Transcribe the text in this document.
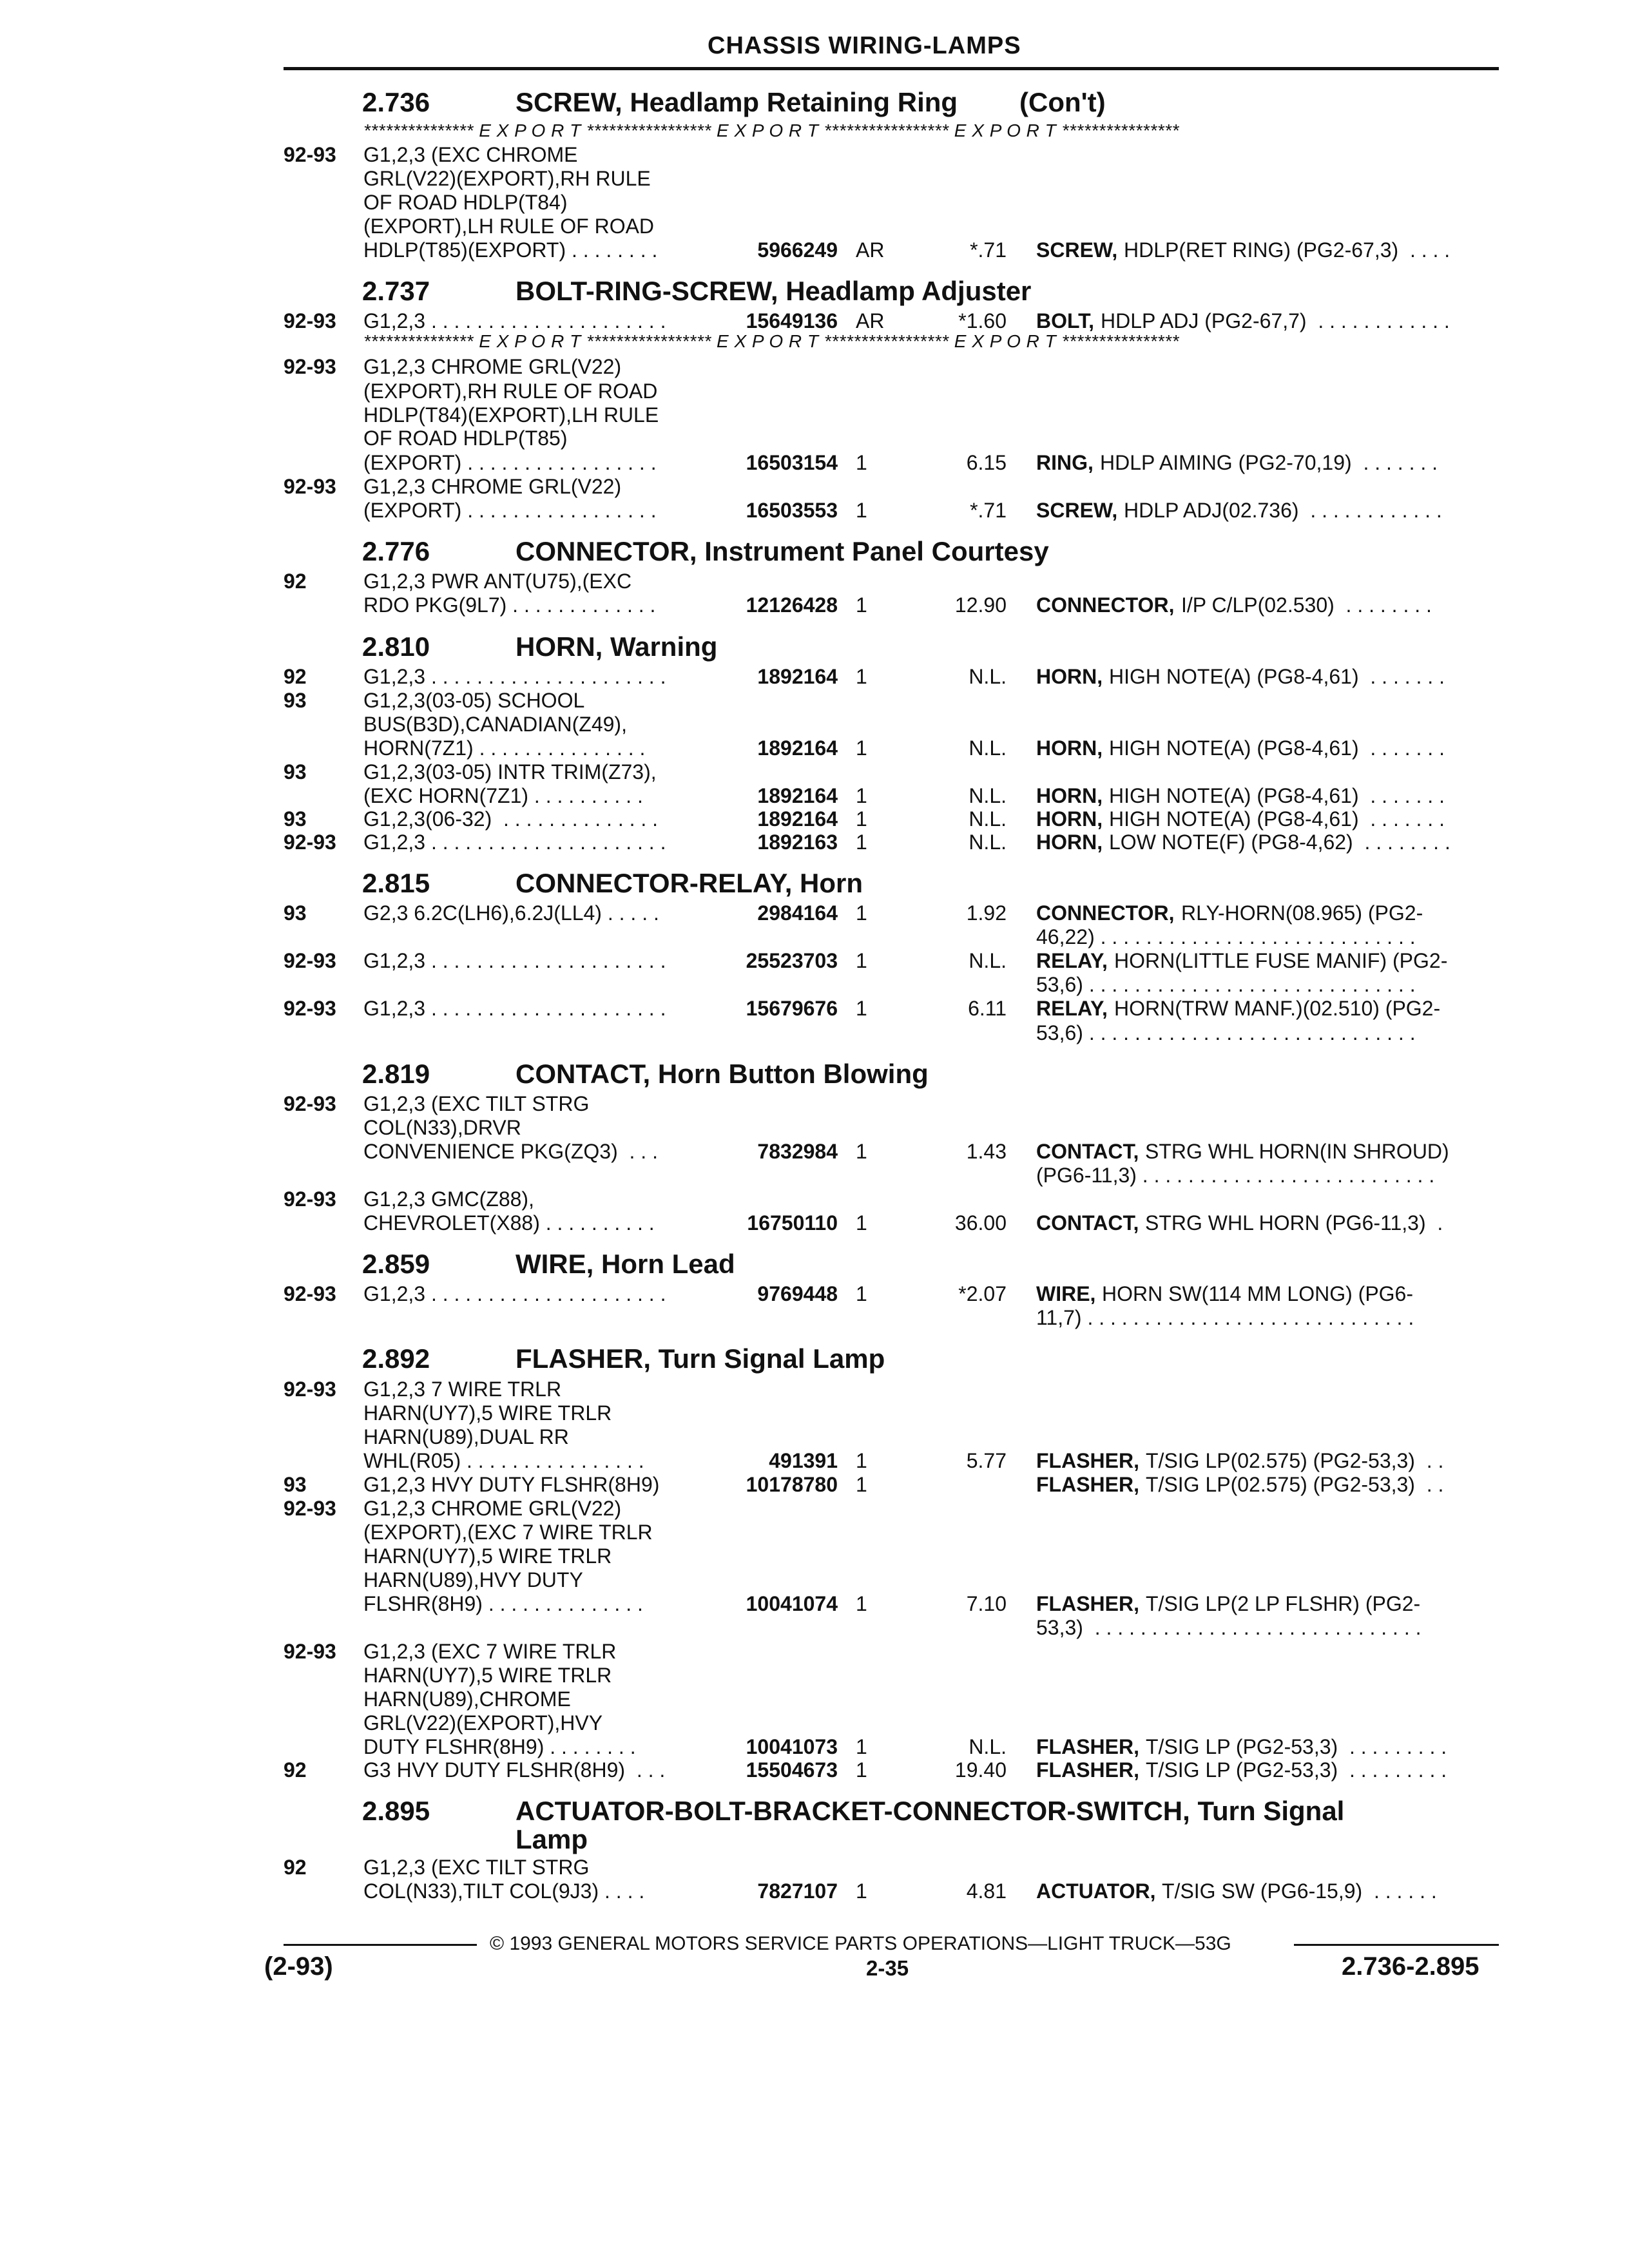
CHASSIS WIRING-LAMPS
2.736	SCREW, Headlamp Retaining Ring (Con't)
*************** E X P O R T ***************** E X P O R T ***************** E X P O R T ****************
92-93 G1,2,3 (EXC CHROME
GRL(V22)(EXPORT),RH RULE
OF ROAD HDLP(T84)
(EXPORT),LH RULE OF ROAD
HDLP(T85)(EXPORT) . . . . . . . .	5966249 AR	*.71 SCREW, HDLP(RET RING) (PG2-67,3)  . . . .
2.737	BOLT-RING-SCREW, Headlamp Adjuster
92-93 G1,2,3 . . . . . . . . . . . . . . . . . . . . .	15649136 AR	*1.60 BOLT, HDLP ADJ (PG2-67,7)  . . . . . . . . . . . .
*************** E X P O R T ***************** E X P O R T ***************** E X P O R T ****************
92-93 G1,2,3 CHROME GRL(V22)
(EXPORT),RH RULE OF ROAD
HDLP(T84)(EXPORT),LH RULE
OF ROAD HDLP(T85)
(EXPORT) . . . . . . . . . . . . . . . . .	16503154 1	6.15 RING, HDLP AIMING (PG2-70,19)  . . . . . . .
92-93 G1,2,3 CHROME GRL(V22)
(EXPORT) . . . . . . . . . . . . . . . . .	16503553 1	*.71 SCREW, HDLP ADJ(02.736)  . . . . . . . . . . . .
2.776	CONNECTOR, Instrument Panel Courtesy
92	G1,2,3 PWR ANT(U75),(EXC
RDO PKG(9L7) . . . . . . . . . . . . .	12126428 1	12.90 CONNECTOR, I/P C/LP(02.530)  . . . . . . . .
2.810	HORN, Warning
92	G1,2,3 . . . . . . . . . . . . . . . . . . . . .	1892164 1	N.L. HORN, HIGH NOTE(A) (PG8-4,61)  . . . . . . .
93	G1,2,3(03-05) SCHOOL
BUS(B3D),CANADIAN(Z49),
HORN(7Z1) . . . . . . . . . . . . . . .	1892164 1	N.L. HORN, HIGH NOTE(A) (PG8-4,61)  . . . . . . .
93	G1,2,3(03-05) INTR TRIM(Z73),
(EXC HORN(7Z1) . . . . . . . . . .	1892164 1	N.L. HORN, HIGH NOTE(A) (PG8-4,61)  . . . . . . .
93	G1,2,3(06-32)  . . . . . . . . . . . . . .	1892164 1	N.L. HORN, HIGH NOTE(A) (PG8-4,61)  . . . . . . .
92-93 G1,2,3 . . . . . . . . . . . . . . . . . . . . .	1892163 1	N.L. HORN, LOW NOTE(F) (PG8-4,62)  . . . . . . . .
2.815	CONNECTOR-RELAY, Horn
93	G2,3 6.2C(LH6),6.2J(LL4) . . . . .	2984164 1	1.92 CONNECTOR, RLY-HORN(08.965) (PG2-
46,22) . . . . . . . . . . . . . . . . . . . . . . . . . . . .
92-93 G1,2,3 . . . . . . . . . . . . . . . . . . . . .	25523703 1	N.L. RELAY, HORN(LITTLE FUSE MANIF) (PG2-
53,6) . . . . . . . . . . . . . . . . . . . . . . . . . . . . .
92-93 G1,2,3 . . . . . . . . . . . . . . . . . . . . .	15679676 1	6.11 RELAY, HORN(TRW MANF.)(02.510) (PG2-
53,6) . . . . . . . . . . . . . . . . . . . . . . . . . . . . .
2.819	CONTACT, Horn Button Blowing
92-93 G1,2,3 (EXC TILT STRG
COL(N33),DRVR
CONVENIENCE PKG(ZQ3)  . . .	7832984 1	1.43 CONTACT, STRG WHL HORN(IN SHROUD)
(PG6-11,3) . . . . . . . . . . . . . . . . . . . . . . . . . .
92-93 G1,2,3 GMC(Z88),
CHEVROLET(X88) . . . . . . . . . .	16750110 1	36.00 CONTACT, STRG WHL HORN (PG6-11,3)  .
2.859	WIRE, Horn Lead
92-93 G1,2,3 . . . . . . . . . . . . . . . . . . . . .	9769448 1	*2.07 WIRE, HORN SW(114 MM LONG) (PG6-
11,7) . . . . . . . . . . . . . . . . . . . . . . . . . . . . .
2.892	FLASHER, Turn Signal Lamp
92-93 G1,2,3 7 WIRE TRLR
HARN(UY7),5 WIRE TRLR
HARN(U89),DUAL RR
WHL(R05) . . . . . . . . . . . . . . . .	491391 1	5.77 FLASHER, T/SIG LP(02.575) (PG2-53,3)  . .
93	G1,2,3 HVY DUTY FLSHR(8H9)	10178780 1	FLASHER, T/SIG LP(02.575) (PG2-53,3)  . .
92-93 G1,2,3 CHROME GRL(V22)
(EXPORT),(EXC 7 WIRE TRLR
HARN(UY7),5 WIRE TRLR
HARN(U89),HVY DUTY
FLSHR(8H9) . . . . . . . . . . . . . .	10041074 1	7.10 FLASHER, T/SIG LP(2 LP FLSHR) (PG2-
53,3)  . . . . . . . . . . . . . . . . . . . . . . . . . . . . .
92-93 G1,2,3 (EXC 7 WIRE TRLR
HARN(UY7),5 WIRE TRLR
HARN(U89),CHROME
GRL(V22)(EXPORT),HVY
DUTY FLSHR(8H9) . . . . . . . .	10041073 1	N.L. FLASHER, T/SIG LP (PG2-53,3)  . . . . . . . . .
92	G3 HVY DUTY FLSHR(8H9)  . . .	15504673 1	19.40 FLASHER, T/SIG LP (PG2-53,3)  . . . . . . . . .
2.895	ACTUATOR-BOLT-BRACKET-CONNECTOR-SWITCH, Turn Signal
Lamp
92	G1,2,3 (EXC TILT STRG
COL(N33),TILT COL(9J3) . . . .	7827107 1	4.81 ACTUATOR, T/SIG SW (PG6-15,9)  . . . . . .
© 1993 GENERAL MOTORS SERVICE PARTS OPERATIONS—LIGHT TRUCK—53G
(2-93)	2-35	2.736-2.895
